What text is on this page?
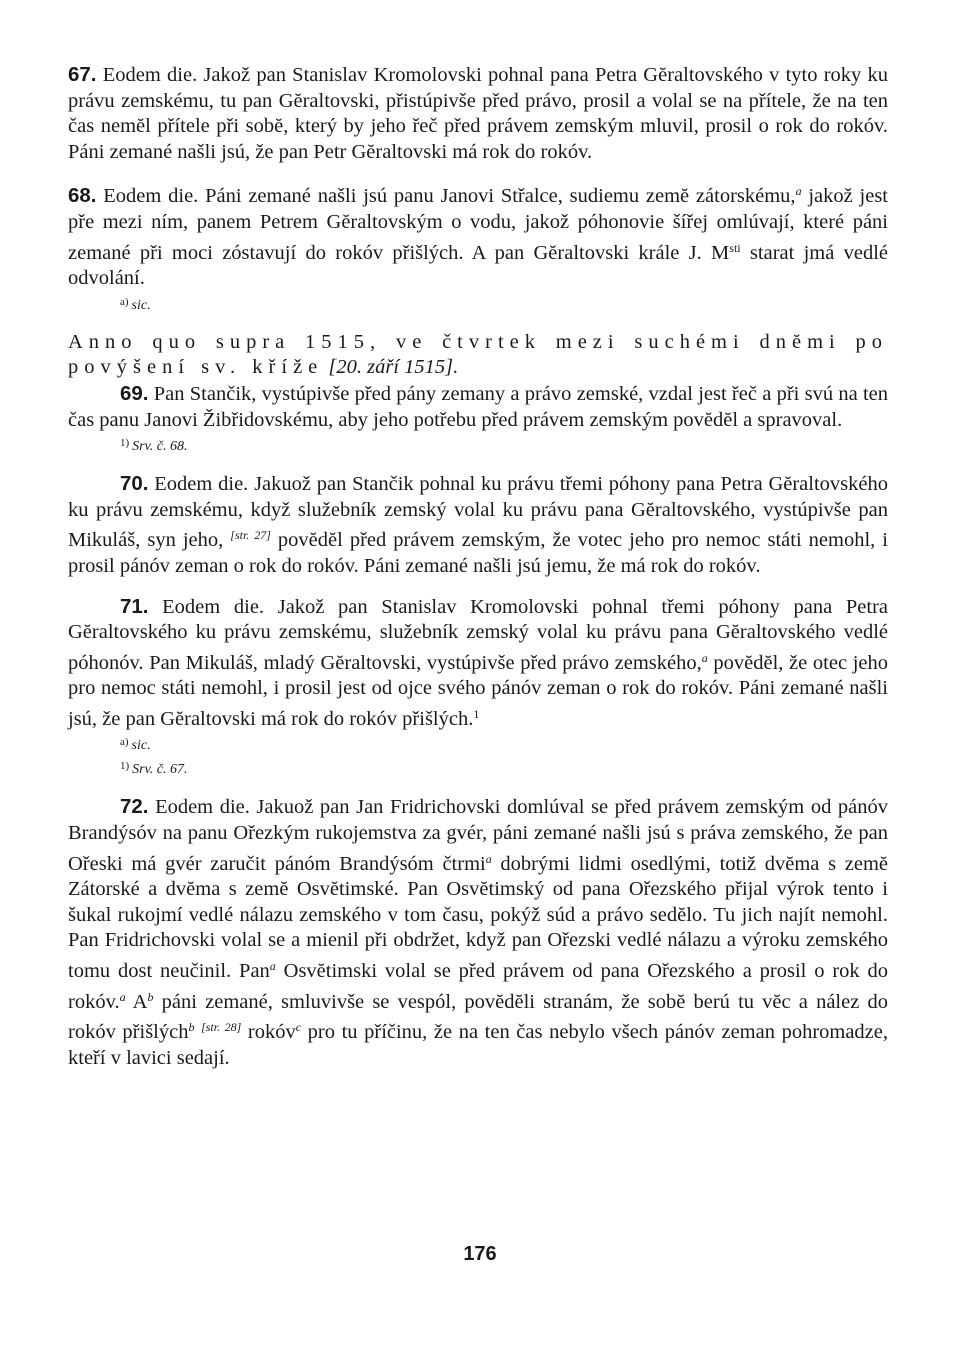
67. Eodem die. Jakož pan Stanislav Kromolovski pohnal pana Petra Gĕraltovského v tyto roky ku právu zemskému, tu pan Gĕraltovski, přistúpivše před právo, prosil a volal se na přítele, že na ten čas nemĕl přítele při sobĕ, který by jeho řeč před právem zemským mluvil, prosil o rok do rokóv. Páni zemané našli jsú, že pan Petr Gĕraltovski má rok do rokóv.

68. Eodem die. Páni zemané našli jsú panu Janovi Střalce, sudiemu zemĕ zátorskému,$^a$ jakož jest pře mezi ním, panem Petrem Gĕraltovským o vodu, jakož póhonovie šířej omlúvají, které páni zemané při moci zóstavují do rokóv přišlých. A pan Gĕraltovski krále J. $M^{sti}$ starat jmá vedlé odvolání.

$^{a)}$ sic.

Anno quo supra 1515, ve čtvrtek mezi suchémi dnĕmi po povýšení sv. kříže [20. září 1515].

69. Pan Stančik, vystúpivše před pány zemany a právo zemské, vzdal jest řeč a při svú na ten čas panu Janovi Žibřidovskému, aby jeho potřebu před právem zemským povĕdĕl a spravoval.

$^{1)}$ Srv. č. 68.

70. Eodem die. Jakuož pan Stančik pohnal ku právu třemi póhony pana Petra Gĕraltovského ku právu zemskému, když služebník zemský volal ku právu pana Gĕraltovského, vystúpivše pan Mikuláš, syn jeho, [str. 27] povĕdĕl před právem zemským, že votec jeho pro nemoc státi nemohl, i prosil pánóv zeman o rok do rokóv. Páni zemané našli jsú jemu, že má rok do rokóv.

71. Eodem die. Jakož pan Stanislav Kromolovski pohnal třemi póhony pana Petra Gĕraltovského ku právu zemskému, služebník zemský volal ku právu pana Gĕraltovského vedlé póhonóv. Pan Mikuláš, mladý Gĕraltovski, vystúpivše před právo zemského,$^a$ povĕdĕl, že otec jeho pro nemoc státi nemohl, i prosil jest od ojce svého pánóv zeman o rok do rokóv. Páni zemané našli jsú, že pan Gĕraltovski má rok do rokóv přišlých.$^1$

$^{a)}$ sic.

$^{1)}$ Srv. č. 67.

72. Eodem die. Jakuož pan Jan Fridrichovski domlúval se před právem zemským od pánóv Brandýsóv na panu Ořezkým rukojemstva za gvér, páni zemané našli jsú s práva zemského, že pan Ořeski má gvér zaručit pánóm Brandýsóm čtrmi$^a$ dobrými lidmi osedlými, totiž dvĕma s zemĕ Zátorské a dvĕma s zemĕ Osvĕtimské. Pan Osvĕtimský od pana Ořezského přijal výrok tento i šukal rukojmí vedlé nálazu zemského v tom času, pokýž súd a právo sedĕlo. Tu jich najít nemohl. Pan Fridrichovski volal se a mienil při obdržet, když pan Ořezski vedlé nálazu a výroku zemského tomu dost neučinil. Pan$^a$ Osvĕtimski volal se před právem od pana Ořezského a prosil o rok do rokóv.$^a$ $A^b$ páni zemané, smluvivše se vespól, povĕdĕli stranám, že sobĕ berú tu vĕc a nález do rokóv přišlých$^b$ [str. 28] rokóv$^c$ pro tu příčinu, že na ten čas nebylo všech pánóv zeman pohromadze, kteří v lavici sedají.

176
